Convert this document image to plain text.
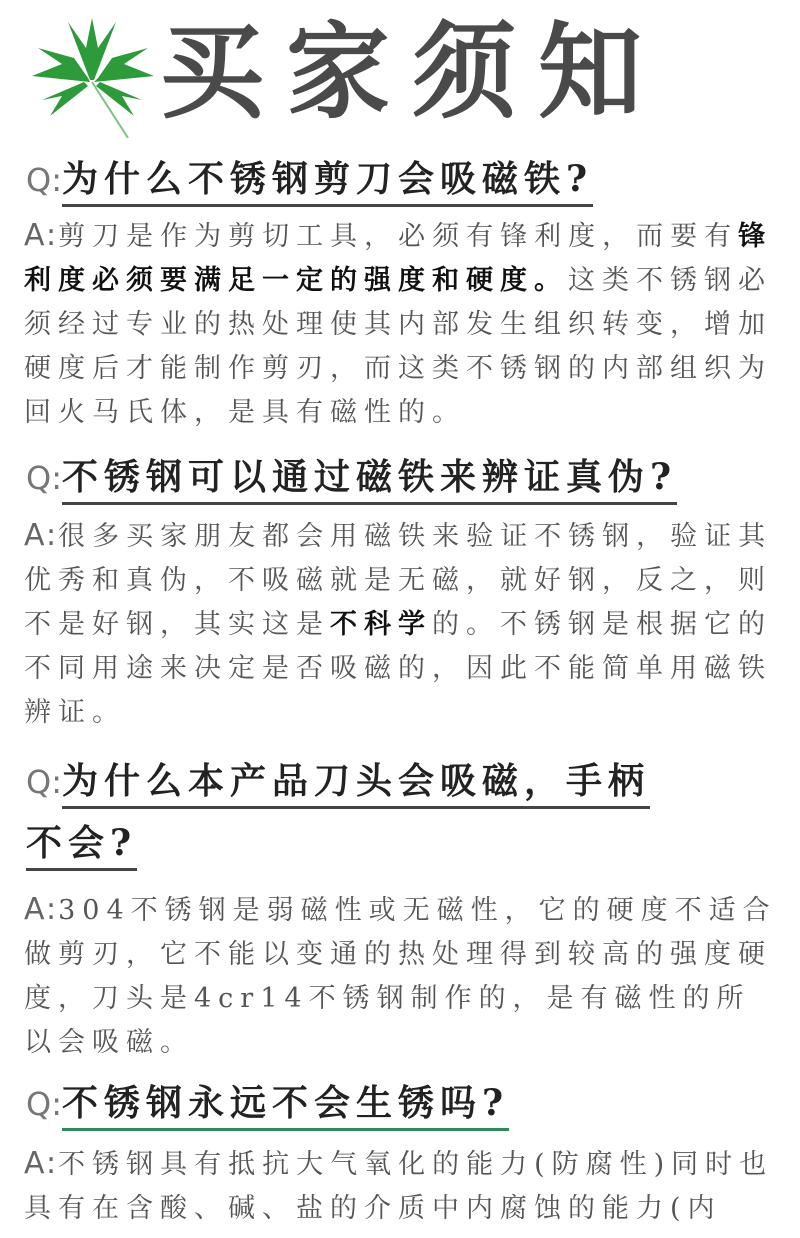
买家须知
Q:为什么不锈钢剪刀会吸磁铁?
A:剪刀是作为剪切工具，必须有锋利度，而要有锋利度必须要满足一定的强度和硬度。这类不锈钢必须经过专业的热处理使其内部发生组织转变，增加硬度后才能制作剪刃，而这类不锈钢的内部组织为回火马氏体，是具有磁性的。
Q:不锈钢可以通过磁铁来辨证真伪?
A:很多买家朋友都会用磁铁来验证不锈钢，验证其优秀和真伪，不吸磁就是无磁，就好钢，反之，则不是好钢，其实这是不科学的。不锈钢是根据它的不同用途来决定是否吸磁的，因此不能简单用磁铁辨证。
Q:为什么本产品刀头会吸磁，手柄
不会?
A:304不锈钢是弱磁性或无磁性，它的硬度不适合做剪刃，它不能以变通的热处理得到较高的强度硬度，刀头是4cr14不锈钢制作的，是有磁性的所以会吸磁。
Q:不锈钢永远不会生锈吗?
A:不锈钢具有抵抗大气氧化的能力(防腐性)同时也具有在含酸、碱、盐的介质中内腐蚀的能力(内
